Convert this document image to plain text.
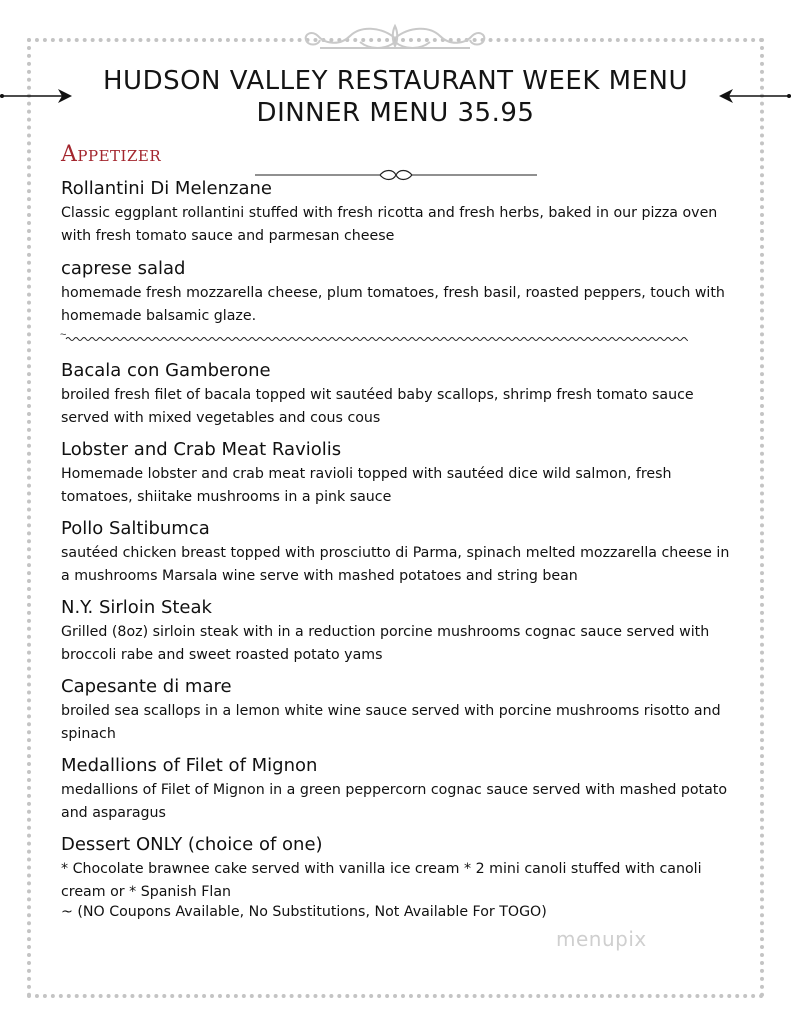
HUDSON VALLEY RESTAURANT WEEK MENU
DINNER MENU 35.95
Appetizer
Rollantini Di Melenzane
Classic eggplant rollantini stuffed with fresh ricotta and fresh herbs, baked in our pizza oven with fresh tomato sauce and parmesan cheese
caprese salad
homemade fresh mozzarella cheese, plum tomatoes, fresh basil, roasted peppers, touch with homemade balsamic glaze.
~
Bacala con Gamberone
broiled fresh filet of bacala topped wit sautéed baby scallops, shrimp fresh tomato sauce served with mixed vegetables and cous cous
Lobster and Crab Meat Raviolis
Homemade lobster and crab meat ravioli topped with sautéed dice wild salmon, fresh tomatoes, shiitake mushrooms in a pink sauce
Pollo Saltibumca
sautéed chicken breast topped with prosciutto di Parma, spinach melted mozzarella cheese in a mushrooms Marsala wine serve with mashed potatoes and string bean
N.Y. Sirloin Steak
Grilled (8oz) sirloin steak with in a reduction porcine mushrooms cognac sauce served with broccoli rabe and sweet roasted potato yams
Capesante di mare
broiled sea scallops in a lemon white wine sauce served with porcine mushrooms risotto and spinach
Medallions of Filet of Mignon
medallions of Filet of Mignon in a green peppercorn cognac sauce served with mashed potato and asparagus
Dessert ONLY (choice of one)
* Chocolate brawnee cake served with vanilla ice cream * 2 mini canoli stuffed with canoli cream or * Spanish Flan
~ (NO Coupons Available, No Substitutions, Not Available For TOGO)
menupix
